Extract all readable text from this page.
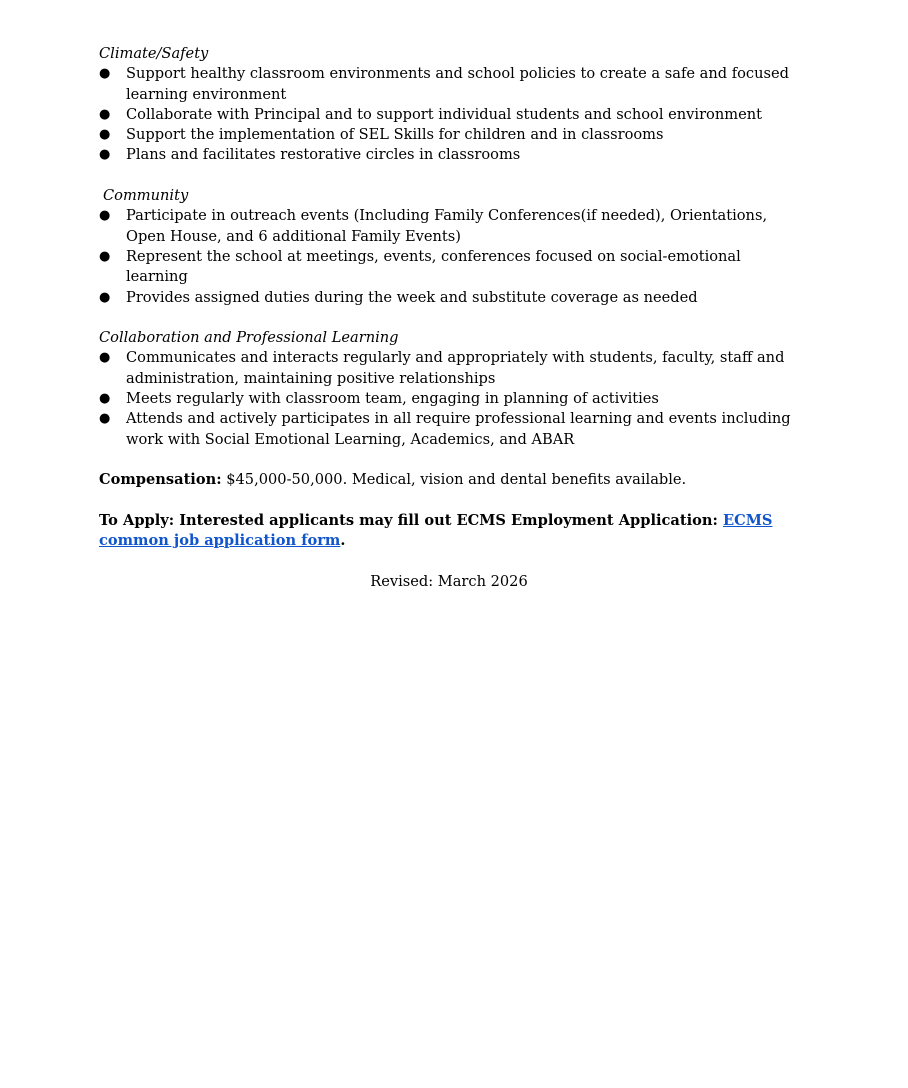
Climate/Safety

● Support healthy classroom environments and school policies to create a safe and focused learning environment
● Collaborate with Principal and to support individual students and school environment
● Support the implementation of SEL Skills for children and in classrooms
● Plans and facilitates restorative circles in classrooms

Community

● Participate in outreach events (Including Family Conferences(if needed), Orientations, Open House, and 6 additional Family Events)
● Represent the school at meetings, events, conferences focused on social-emotional learning
● Provides assigned duties during the week and substitute coverage as needed

Collaboration and Professional Learning

● Communicates and interacts regularly and appropriately with students, faculty, staff and administration, maintaining positive relationships
● Meets regularly with classroom team, engaging in planning of activities
● Attends and actively participates in all require professional learning and events including work with Social Emotional Learning, Academics, and ABAR

Compensation: $45,000-50,000. Medical, vision and dental benefits available.

To Apply: Interested applicants may fill out ECMS Employment Application: ECMS common job application form.

Revised: March 2026
